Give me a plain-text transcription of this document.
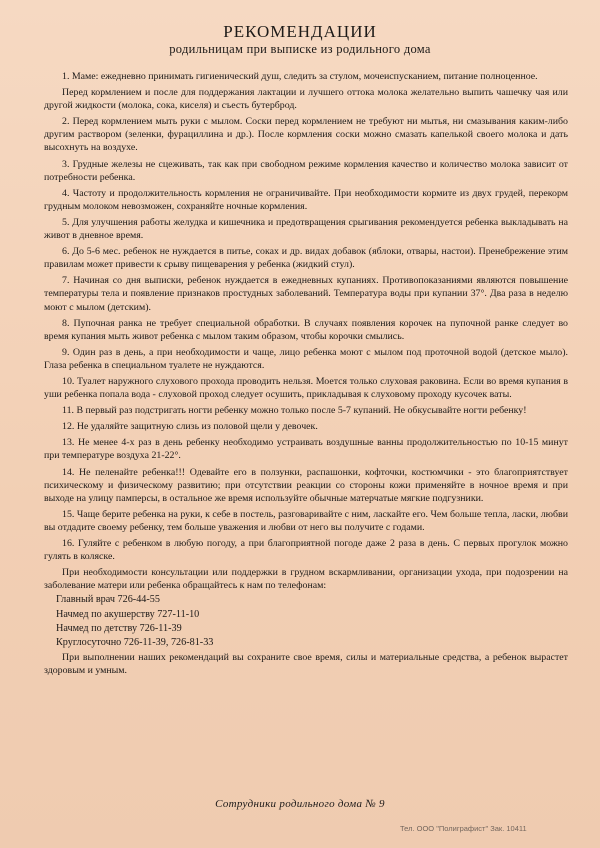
РЕКОМЕНДАЦИИ
родильницам при выписке из родильного дома

1. Маме: ежедневно принимать гигиенический душ, следить за стулом, мочеиспусканием, питание полноценное.

Перед кормлением и после для поддержания лактации и лучшего оттока молока желательно выпить чашечку чая или другой жидкости (молока, сока, киселя) и съесть бутерброд.

2. Перед кормлением мыть руки с мылом. Соски перед кормлением не требуют ни мытья, ни смазывания каким-либо другим раствором (зеленки, фурациллина и др.). После кормления соски можно смазать капелькой своего молока и дать высохнуть на воздухе.

3. Грудные железы не сцеживать, так как при свободном режиме кормления качество и количество молока зависит от потребности ребенка.

4. Частоту и продолжительность кормления не ограничивайте. При необходимости кормите из двух грудей, перекорм грудным молоком невозможен, сохраняйте ночные кормления.

5. Для улучшения работы желудка и кишечника и предотвращения срыгивания рекомендуется ребенка выкладывать на живот в дневное время.

6. До 5-6 мес. ребенок не нуждается в питье, соках и др. видах добавок (яблоки, отвары, настои). Пренебрежение этим правилам может привести к срыву пищеварения у ребенка (жидкий стул).

7. Начиная со дня выписки, ребенок нуждается в ежедневных купаниях. Противопоказаниями являются повышение температуры тела и появление признаков простудных заболеваний. Температура воды при купании 37°. Два раза в неделю моют с мылом (детским).

8. Пупочная ранка не требует специальной обработки. В случаях появления корочек на пупочной ранке следует во время купания мыть живот ребенка с мылом таким образом, чтобы корочки смылись.

9. Один раз в день, а при необходимости и чаще, лицо ребенка моют с мылом под проточной водой (детское мыло). Глаза ребенка в специальном туалете не нуждаются.

10. Туалет наружного слухового прохода проводить нельзя. Моется только слуховая раковина. Если во время купания в уши ребенка попала вода - слуховой проход следует осушить, прикладывая к слуховому проходу кусочек ваты.

11. В первый раз подстригать ногти ребенку можно только после 5-7 купаний. Не обкусывайте ногти ребенку!

12. Не удаляйте защитную слизь из половой щели у девочек.

13. Не менее 4-х раз в день ребенку необходимо устраивать воздушные ванны продолжительностью по 10-15 минут при температуре воздуха 21-22°.

14. Не пеленайте ребенка!!! Одевайте его в ползунки, распашонки, кофточки, костюмчики - это благоприятствует психическому и физическому развитию; при отсутствии реакции со стороны кожи применяйте в ночное время и при выходе на улицу памперсы, в остальное же время используйте обычные матерчатые мягкие подгузники.

15. Чаще берите ребенка на руки, к себе в постель, разговаривайте с ним, ласкайте его. Чем больше тепла, ласки, любви вы отдадите своему ребенку, тем больше уважения и любви от него вы получите с годами.

16. Гуляйте с ребенком в любую погоду, а при благоприятной погоде даже 2 раза в день. С первых прогулок можно гулять в коляске.

При необходимости консультации или поддержки в грудном вскармливании, организации ухода, при подозрении на заболевание матери или ребенка обращайтесь к нам по телефонам:

Главный врач 726-44-55
Начмед по акушерству 727-11-10
Начмед по детству 726-11-39
Круглосуточно 726-11-39, 726-81-33

При выполнении наших рекомендаций вы сохраните свое время, силы и материальные средства, а ребенок вырастет здоровым и умным.

Сотрудники родильного дома № 9
Тел. ООО "Полиграфист" Зак. 10411
